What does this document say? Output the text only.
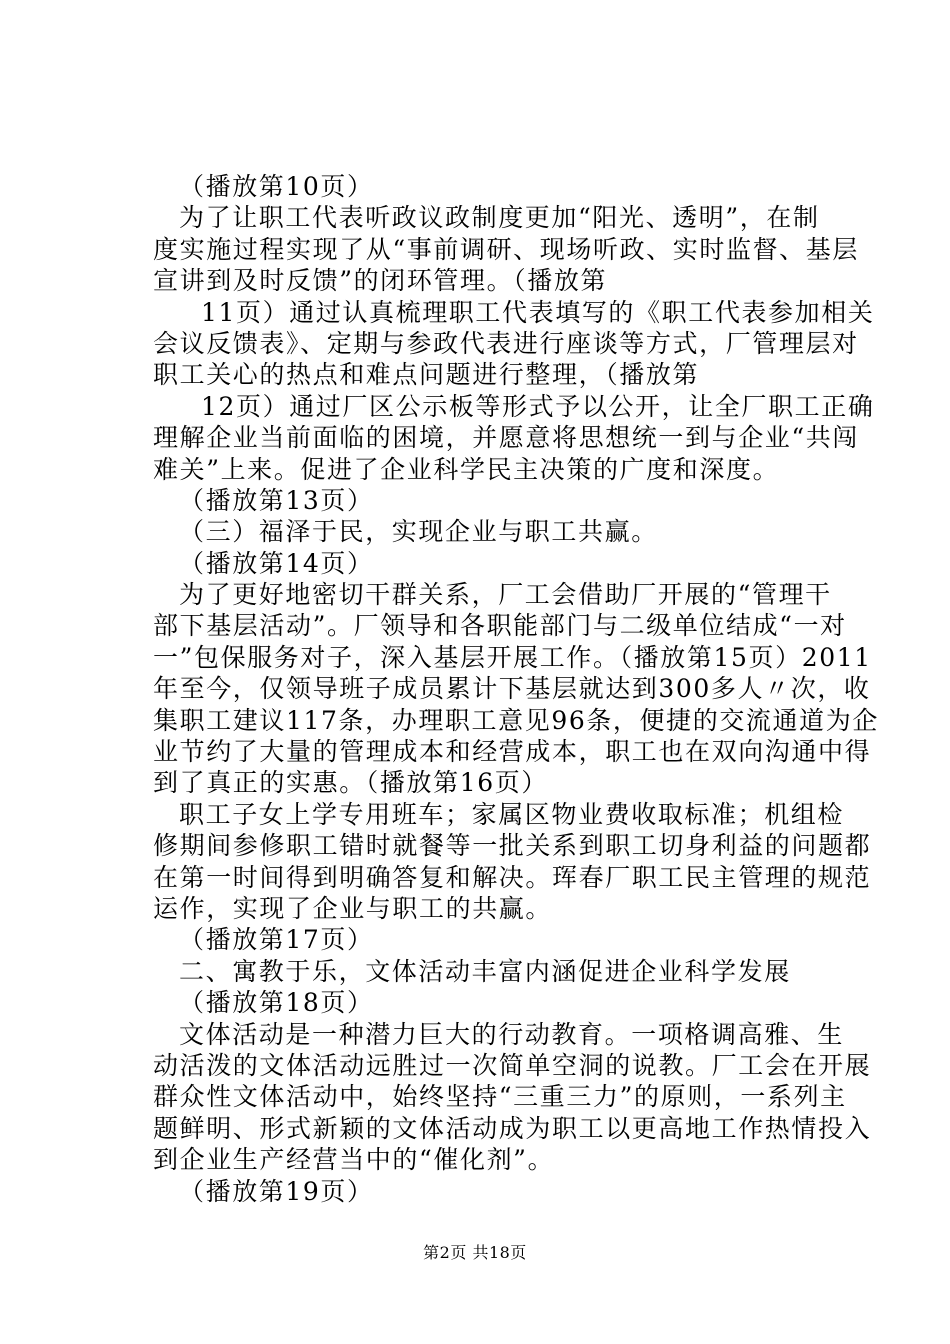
（播放第10页）
为了让职工代表听政议政制度更加“阳光、透明”，在制
度实施过程实现了从“事前调研、现场听政、实时监督、基层
宣讲到及时反馈”的闭环管理。（播放第
11页）通过认真梳理职工代表填写的《职工代表参加相关
会议反馈表》、定期与参政代表进行座谈等方式，厂管理层对
职工关心的热点和难点问题进行整理，（播放第
12页）通过厂区公示板等形式予以公开，让全厂职工正确
理解企业当前面临的困境，并愿意将思想统一到与企业“共闯
难关”上来。促进了企业科学民主决策的广度和深度。
（播放第13页）
（三）福泽于民，实现企业与职工共赢。
（播放第14页）
为了更好地密切干群关系，厂工会借助厂开展的“管理干
部下基层活动”。厂领导和各职能部门与二级单位结成“一对
一”包保服务对子，深入基层开展工作。（播放第15页）2011
年至今，仅领导班子成员累计下基层就达到300多人〃次，收
集职工建议117条，办理职工意见96条，便捷的交流通道为企
业节约了大量的管理成本和经营成本，职工也在双向沟通中得
到了真正的实惠。（播放第16页）
职工子女上学专用班车；家属区物业费收取标准；机组检
修期间参修职工错时就餐等一批关系到职工切身利益的问题都
在第一时间得到明确答复和解决。珲春厂职工民主管理的规范
运作，实现了企业与职工的共赢。
（播放第17页）
二、寓教于乐，文体活动丰富内涵促进企业科学发展
（播放第18页）
文体活动是一种潜力巨大的行动教育。一项格调高雅、生
动活泼的文体活动远胜过一次简单空洞的说教。厂工会在开展
群众性文体活动中，始终坚持“三重三力”的原则，一系列主
题鲜明、形式新颖的文体活动成为职工以更高地工作热情投入
到企业生产经营当中的“催化剂”。
（播放第19页）
第2页 共18页
